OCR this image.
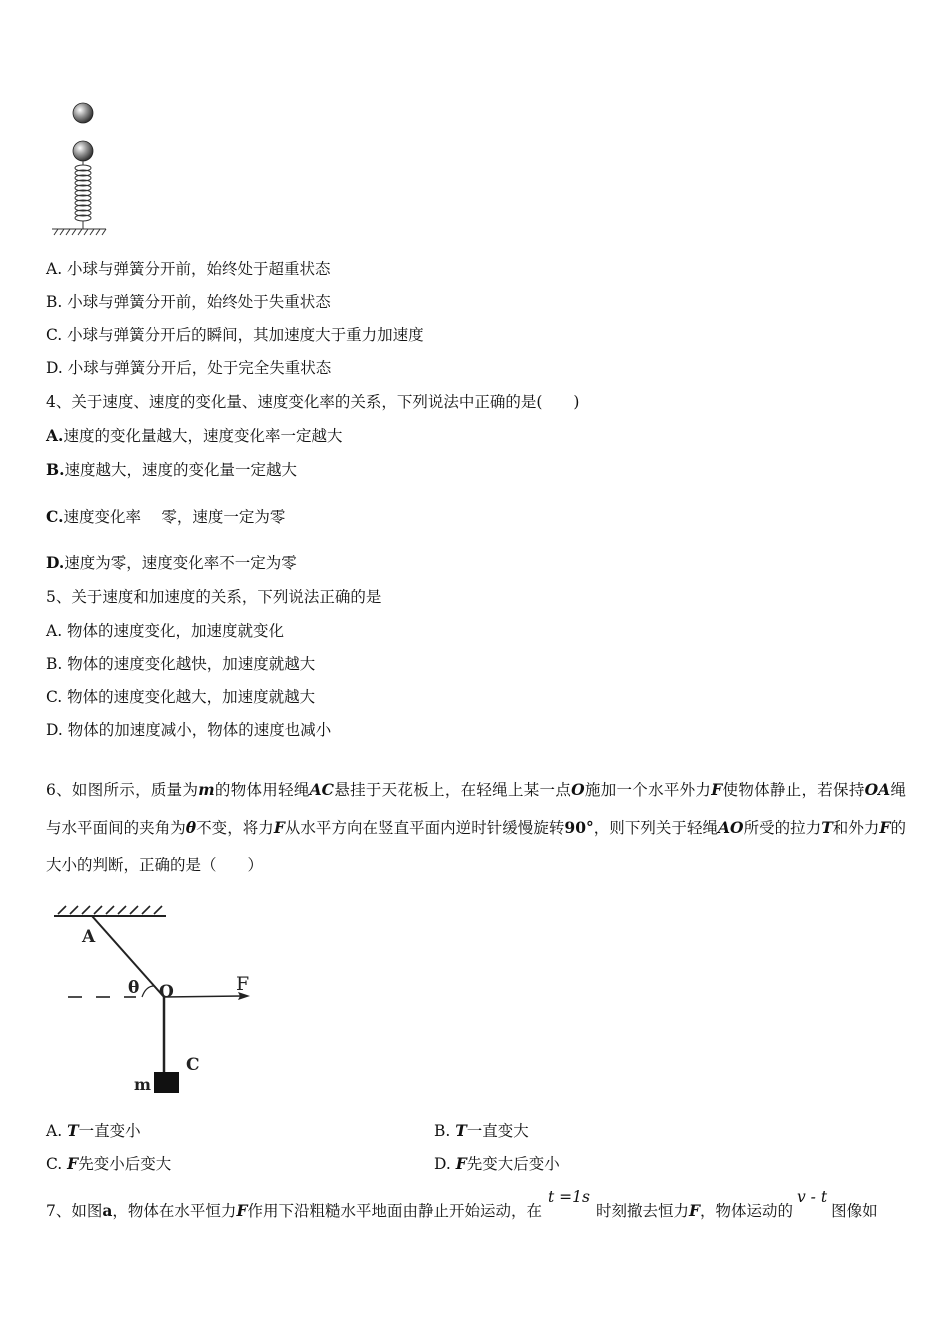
A. 小球与弹簧分开前，始终处于超重状态
B. 小球与弹簧分开前，始终处于失重状态
C. 小球与弹簧分开后的瞬间，其加速度大于重力加速度
D. 小球与弹簧分开后，处于完全失重状态
4、关于速度、速度的变化量、速度变化率的关系，下列说法中正确的是(　　)
A.速度的变化量越大，速度变化率一定越大
B.速度越大，速度的变化量一定越大
C.速度变化率　 零，速度一定为零
D.速度为零，速度变化率不一定为零
5、关于速度和加速度的关系，下列说法正确的是
A. 物体的速度变化，加速度就变化
B. 物体的速度变化越快，加速度就越大
C. 物体的速度变化越大，加速度就越大
D. 物体的加速度减小，物体的速度也减小
6、如图所示，质量为m的物体用轻绳AC悬挂于天花板上，在轻绳上某一点O施加一个水平外力F使物体静止，若保持OA绳与水平面间的夹角为θ不变，将力F从水平方向在竖直平面内逆时针缓慢旋转90°，则下列关于轻绳AO所受的拉力T和外力F的大小的判断，正确的是（　　）
A
θ O	F
C
m
A. T一直变小	B. T一直变大
C. F先变小后变大	D. F先变大后变小
7、如图a，物体在水平恒力F作用下沿粗糙水平地面由静止开始运动，在t =1s时刻撤去恒力F，物体运动的v - t图像如
